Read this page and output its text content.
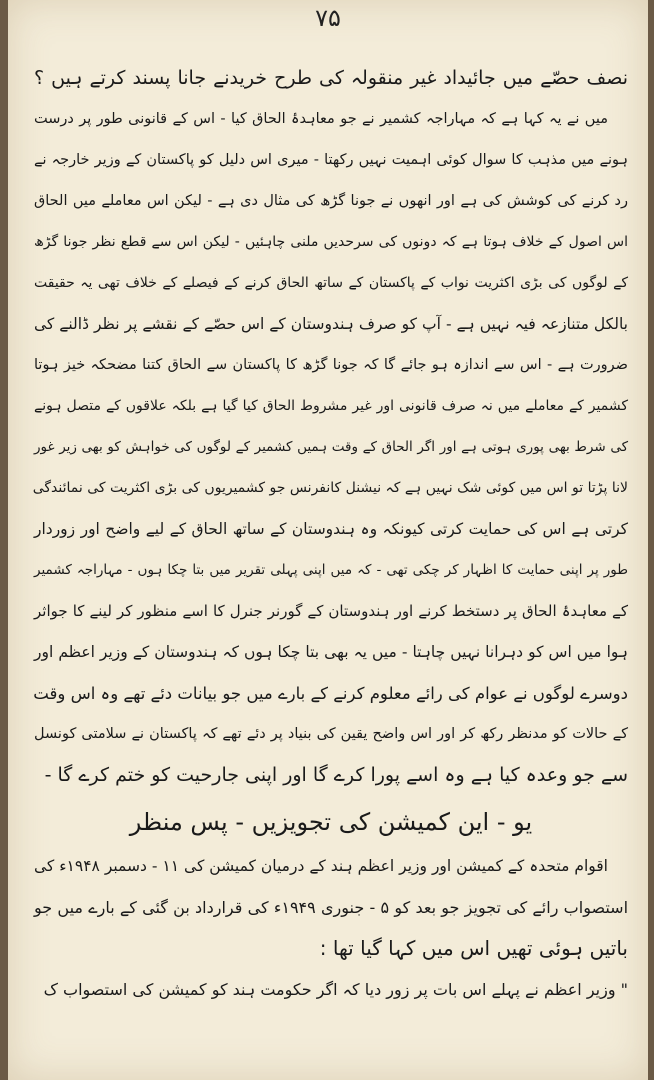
۷۵
نصف حصّے میں جائیداد غیر منقولہ کی طرح خریدنے جانا پسند کرتے ہیں ؟
میں نے یہ کہا ہے کہ مہاراجہ کشمیر نے جو معاہدۂ الحاق کیا - اس کے قانونی طور پر درست
ہونے میں مذہب کا سوال کوئی اہمیت نہیں رکھتا - میری اس دلیل کو پاکستان کے وزیر خارجہ نے
رد کرنے کی کوشش کی ہے اور انھوں نے جونا گڑھ کی مثال دی ہے - لیکن اس معاملے میں الحاق
اس اصول کے خلاف ہوتا ہے کہ دونوں کی سرحدیں ملنی چاہئیں - لیکن اس سے قطع نظر جونا گڑھ
کے لوگوں کی بڑی اکثریت نواب کے پاکستان کے ساتھ الحاق کرنے کے فیصلے کے خلاف تھی یہ حقیقت
بالکل متنازعہ فیہ نہیں ہے - آپ کو صرف ہندوستان کے اس حصّے کے نقشے پر نظر ڈالنے کی
ضرورت ہے - اس سے اندازہ ہو جائے گا کہ جونا گڑھ کا پاکستان سے الحاق کتنا مضحکہ خیز ہوتا
کشمیر کے معاملے میں نہ صرف قانونی اور غیر مشروط الحاق کیا گیا ہے بلکہ علاقوں کے متصل ہونے
کی شرط بھی پوری ہوتی ہے اور اگر الحاق کے وقت ہمیں کشمیر کے لوگوں کی خواہش کو بھی زیر غور
لانا پڑتا تو اس میں کوئی شک نہیں ہے کہ نیشنل کانفرنس جو کشمیریوں کی بڑی اکثریت کی نمائندگی
کرتی ہے اس کی حمایت کرتی کیونکہ وہ ہندوستان کے ساتھ الحاق کے لیے واضح اور زوردار
طور پر اپنی حمایت کا اظہار کر چکی تھی - کہ میں اپنی پہلی تقریر میں بتا چکا ہوں - مہاراجہ کشمیر
کے معاہدۂ الحاق پر دستخط کرنے اور ہندوستان کے گورنر جنرل کا اسے منظور کر لینے کا جواثر
ہوا میں اس کو دہرانا نہیں چاہتا - میں یہ بھی بتا چکا ہوں کہ ہندوستان کے وزیر اعظم اور
دوسرے لوگوں نے عوام کی رائے معلوم کرنے کے بارے میں جو بیانات دئے تھے وہ اس وقت
کے حالات کو مدنظر رکھ کر اور اس واضح یقین کی بنیاد پر دئے تھے کہ پاکستان نے سلامتی کونسل
سے جو وعدہ کیا ہے وہ اسے پورا کرے گا اور اپنی جارحیت کو ختم کرے گا -
یو - این کمیشن کی تجویزیں - پس منظر
اقوام متحدہ کے کمیشن اور وزیر اعظم ہند کے درمیان کمیشن کی ۱۱ - دسمبر ۱۹۴۸ء کی
استصواب رائے کی تجویز جو بعد کو ۵ - جنوری ۱۹۴۹ء کی قرارداد بن گئی کے بارے میں جو
باتیں ہوئی تھیں اس میں کہا گیا تھا :
" وزیر اعظم نے پہلے اس بات پر زور دیا کہ اگر حکومت ہند کو کمیشن کی استصواب ک
